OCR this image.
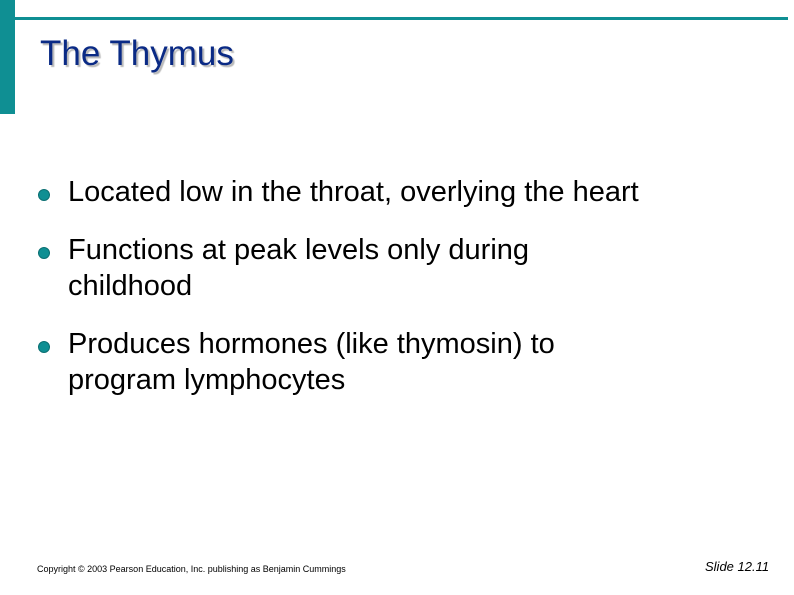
The Thymus
Located low in the throat, overlying the heart
Functions at peak levels only during childhood
Produces hormones (like thymosin) to program lymphocytes
Copyright © 2003 Pearson Education, Inc. publishing as Benjamin Cummings	Slide 12.11
